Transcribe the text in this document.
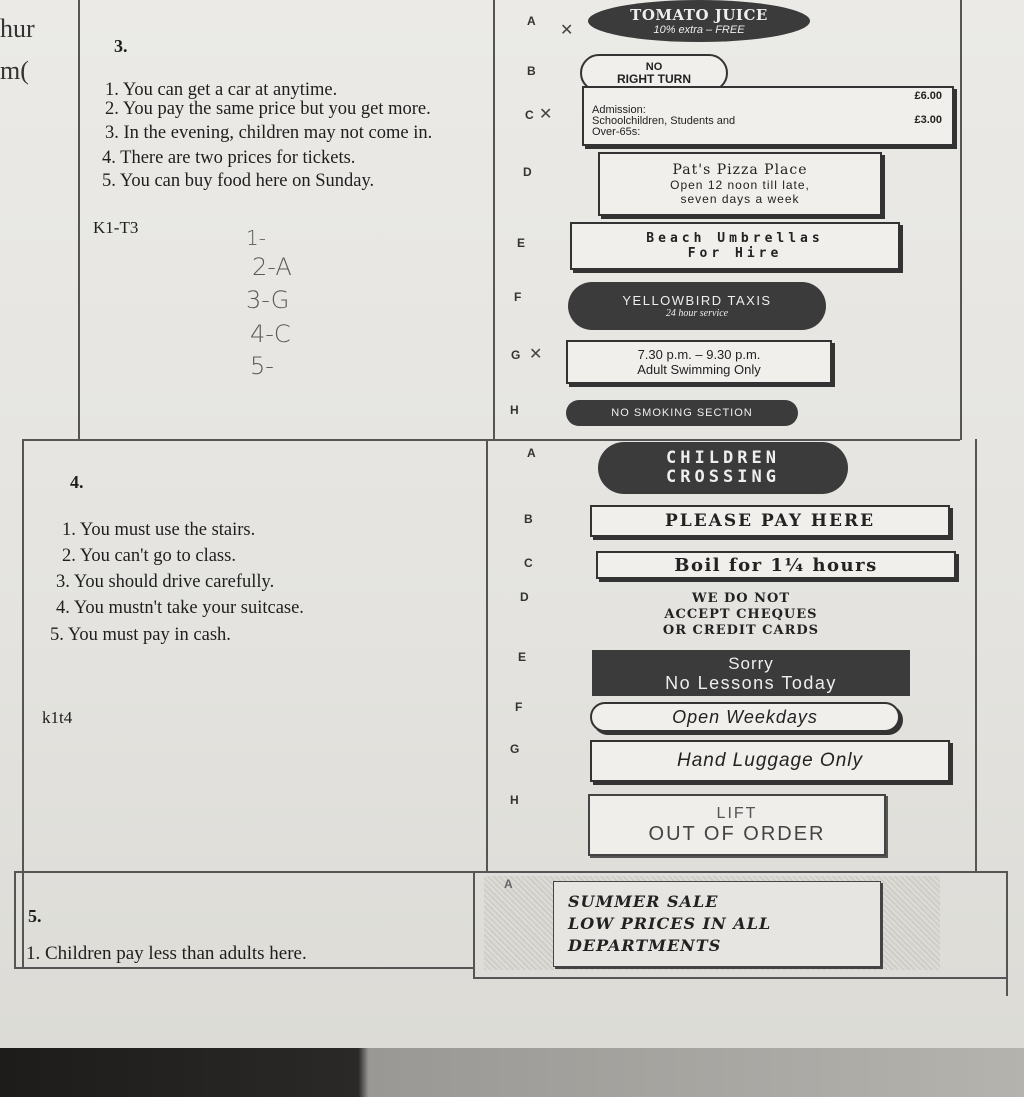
hur
m(
3.
1. You can get a car at anytime.
2. You pay the same price but you get more.
3. In the evening, children may not come in.
4. There are two prices for tickets.
5. You can buy food here on Sunday.
K1-T3	1-
2-A
3-G
4-C
5-
A
B
C
D
E
F
G
H
✕
✕
✕
TOMATO JUICE
10% extra – FREE
NO
RIGHT TURN
Admission:
Schoolchildren, Students and
Over-65s:
£6.00
£3.00
Pat's Pizza Place
Open 12 noon till late,
seven days a week
Beach Umbrellas
For Hire
YELLOWBIRD TAXIS
24 hour service
7.30 p.m. – 9.30 p.m.
Adult Swimming Only
NO SMOKING SECTION
4.
1. You must use the stairs.
2. You can't go to class.
3. You should drive carefully.
4. You mustn't take your suitcase.
5. You must pay in cash.
k1t4
A
B
C
D
E
F
G
H
CHILDREN
CROSSING
PLEASE PAY HERE
Boil for 1¼ hours
WE DO NOT
ACCEPT CHEQUES
OR CREDIT CARDS
Sorry
No Lessons Today
Open Weekdays
Hand Luggage Only
LIFT
OUT OF ORDER
5.
1. Children pay less than adults here.
A
SUMMER SALE
LOW PRICES IN ALL
DEPARTMENTS
